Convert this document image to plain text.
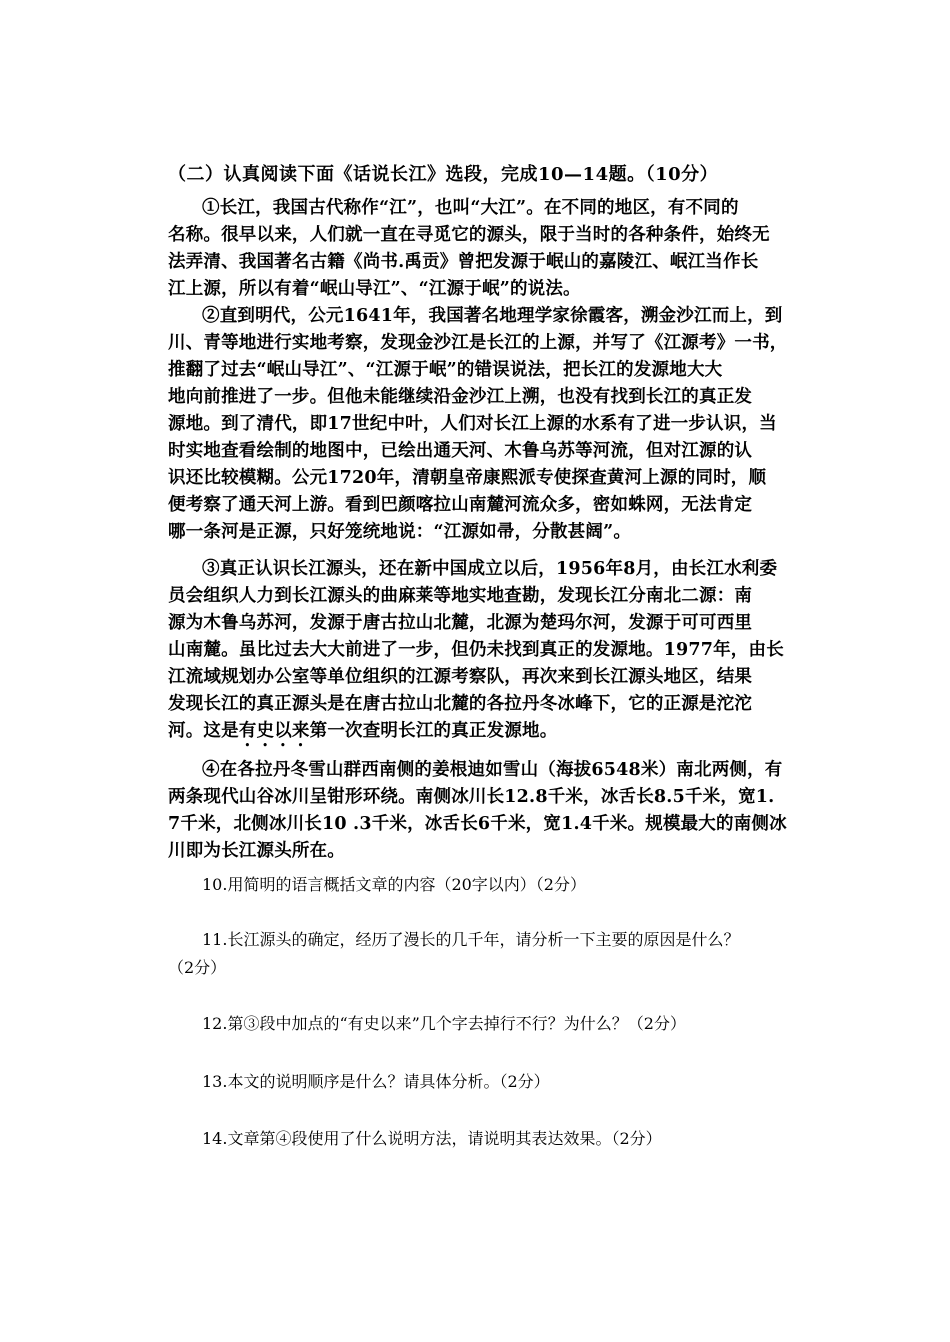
（二）认真阅读下面《话说长江》选段，完成10—14题。（10分）
①长江，我国古代称作“江”，也叫“大江”。在不同的地区，有不同的
名称。很早以来，人们就一直在寻觅它的源头，限于当时的各种条件，始终无
法弄清、我国著名古籍《尚书.禹贡》曾把发源于岷山的嘉陵江、岷江当作长
江上源，所以有着“岷山导江”、“江源于岷”的说法。
②直到明代，公元1641年，我国著名地理学家徐霞客，溯金沙江而上，到
川、青等地进行实地考察，发现金沙江是长江的上源，并写了《江源考》一书，
推翻了过去“岷山导江”、“江源于岷”的错误说法，把长江的发源地大大
地向前推进了一步。但他未能继续沿金沙江上溯，也没有找到长江的真正发
源地。到了清代，即17世纪中叶，人们对长江上源的水系有了进一步认识，当
时实地查看绘制的地图中，已绘出通天河、木鲁乌苏等河流，但对江源的认
识还比较模糊。公元1720年，清朝皇帝康熙派专使探查黄河上源的同时，顺
便考察了通天河上游。看到巴颜喀拉山南麓河流众多，密如蛛网，无法肯定
哪一条河是正源，只好笼统地说：“江源如帚，分散甚阔”。
③真正认识长江源头，还在新中国成立以后，1956年8月，由长江水利委
员会组织人力到长江源头的曲麻莱等地实地查勘，发现长江分南北二源：南
源为木鲁乌苏河，发源于唐古拉山北麓，北源为楚玛尔河，发源于可可西里
山南麓。虽比过去大大前进了一步，但仍未找到真正的发源地。1977年，由长
江流域规划办公室等单位组织的江源考察队，再次来到长江源头地区，结果
发现长江的真正源头是在唐古拉山北麓的各拉丹冬冰峰下，它的正源是沱沱
河。这是有史以来第一次查明长江的真正发源地。
④在各拉丹冬雪山群西南侧的姜根迪如雪山（海拔6548米）南北两侧，有
两条现代山谷冰川呈钳形环绕。南侧冰川长12.8千米，冰舌长8.5千米，宽1.
7千米，北侧冰川长10 .3千米，冰舌长6千米，宽1.4千米。规模最大的南侧冰
川即为长江源头所在。
10.用简明的语言概括文章的内容（20字以内）（2分）
11.长江源头的确定，经历了漫长的几千年，请分析一下主要的原因是什么？
（2分）
12.第③段中加点的“有史以来”几个字去掉行不行？为什么？（2分）
13.本文的说明顺序是什么？请具体分析。（2分）
14.文章第④段使用了什么说明方法，请说明其表达效果。（2分）
